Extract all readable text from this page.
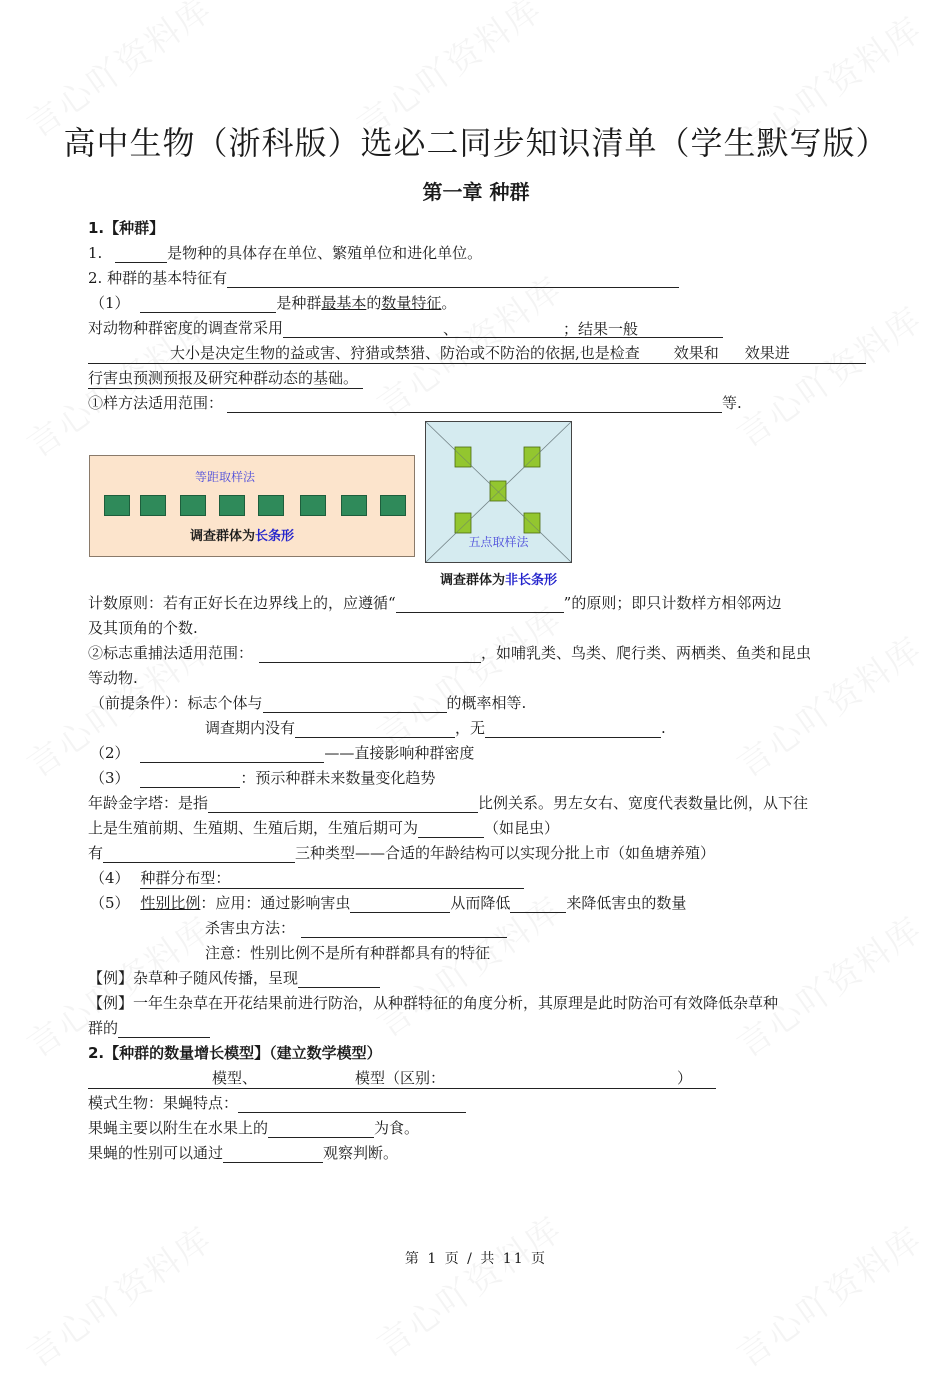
高中生物（浙科版）选必二同步知识清单（学生默写版）
第一章 种群
1.【种群】
1.	是物种的具体存在单位、繁殖单位和进化单位。
2. 种群的基本特征有
（1）	是种群最基本的数量特征。
对动物种群密度的调查常采用	、	；结果一般
大小是决定生物的益或害、狩猎或禁猎、防治或不防治的依据,也是检查 效果和 效果进
行害虫预测预报及研究种群动态的基础。
①样方法适用范围：	等.
等距取样法
调查群体为长条形	五点取样法
调查群体为非长条形
计数原则：若有正好长在边界线上的，应遵循“	”的原则；即只计数样方相邻两边
及其顶角的个数.
②标志重捕法适用范围：	，如哺乳类、鸟类、爬行类、两栖类、鱼类和昆虫
等动物.
（前提条件）：标志个体与	的概率相等.
调查期内没有	，无	.
（2）	——直接影响种群密度
（3）	：预示种群未来数量变化趋势
年龄金字塔：是指	比例关系。男左女右、宽度代表数量比例，从下往
上是生殖前期、生殖期、生殖后期，生殖后期可为	（如昆虫）
有	三种类型——合适的年龄结构可以实现分批上市（如鱼塘养殖）
（4） 种群分布型：
（5） 性别比例：应用：通过影响害虫	从而降低	来降低害虫的数量
杀害虫方法：
注意：性别比例不是所有种群都具有的特征
【例】杂草种子随风传播，呈现
【例】一年生杂草在开花结果前进行防治，从种群特征的角度分析，其原理是此时防治可有效降低杂草种
群的
2.【种群的数量增长模型】（建立数学模型）
模型、	模型（区别：	）
模式生物：果蝇特点：
果蝇主要以附生在水果上的	为食。
果蝇的性别可以通过	观察判断。
第 1 页 / 共 11 页
